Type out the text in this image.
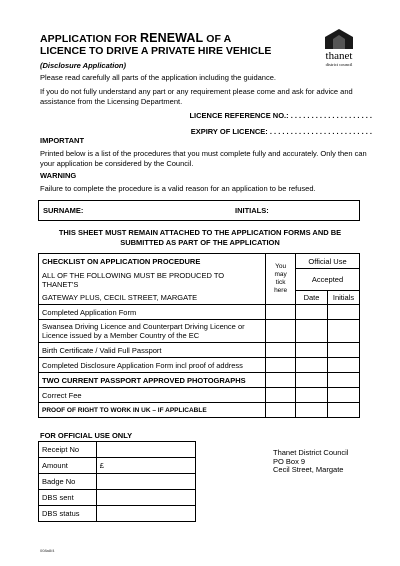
APPLICATION FOR RENEWAL OF A
LICENCE TO DRIVE A PRIVATE HIRE VEHICLE
(Disclosure Application)
thanet
district council
Please read carefully all parts of the application including the guidance.
If you do not fully understand any part or any requirement please come and ask for advice and assistance from the Licensing Department.
LICENCE REFERENCE NO.: . . . . . . . . . . . . . . . . . . . .
EXPIRY OF LICENCE: . . . . . . . . . . . . . . . . . . . . . . . . .
IMPORTANT
Printed below is a list of the procedures that you must complete fully and accurately. Only then can your application be considered by the Council.
WARNING
Failure to complete the procedure is a valid reason for an application to be refused.
SURNAME:	INITIALS:
THIS SHEET MUST REMAIN ATTACHED TO THE APPLICATION FORMS AND BE SUBMITTED AS PART OF THE APPLICATION
CHECKLIST ON APPLICATION PROCEDURE	You may tick here	Official Use	
ALL OF THE FOLLOWING MUST BE PRODUCED TO THANET'S		Accepted	
GATEWAY PLUS, CECIL STREET, MARGATE		Date	Initials
Completed Application Form			
Swansea Driving Licence and Counterpart Driving Licence or Licence issued by a Member Country of the EC			
Birth Certificate / Valid Full Passport			
Completed Disclosure Application Form incl proof of address			
TWO CURRENT PASSPORT APPROVED PHOTOGRAPHS			
Correct Fee			
PROOF OF RIGHT TO WORK IN UK – IF APPLICABLE			
FOR OFFICIAL USE ONLY
Receipt No	
Amount	£
Badge No	
DBS sent	
DBS status	
Thanet District Council
PO Box 9
Cecil Street, Margate
008a8/4
